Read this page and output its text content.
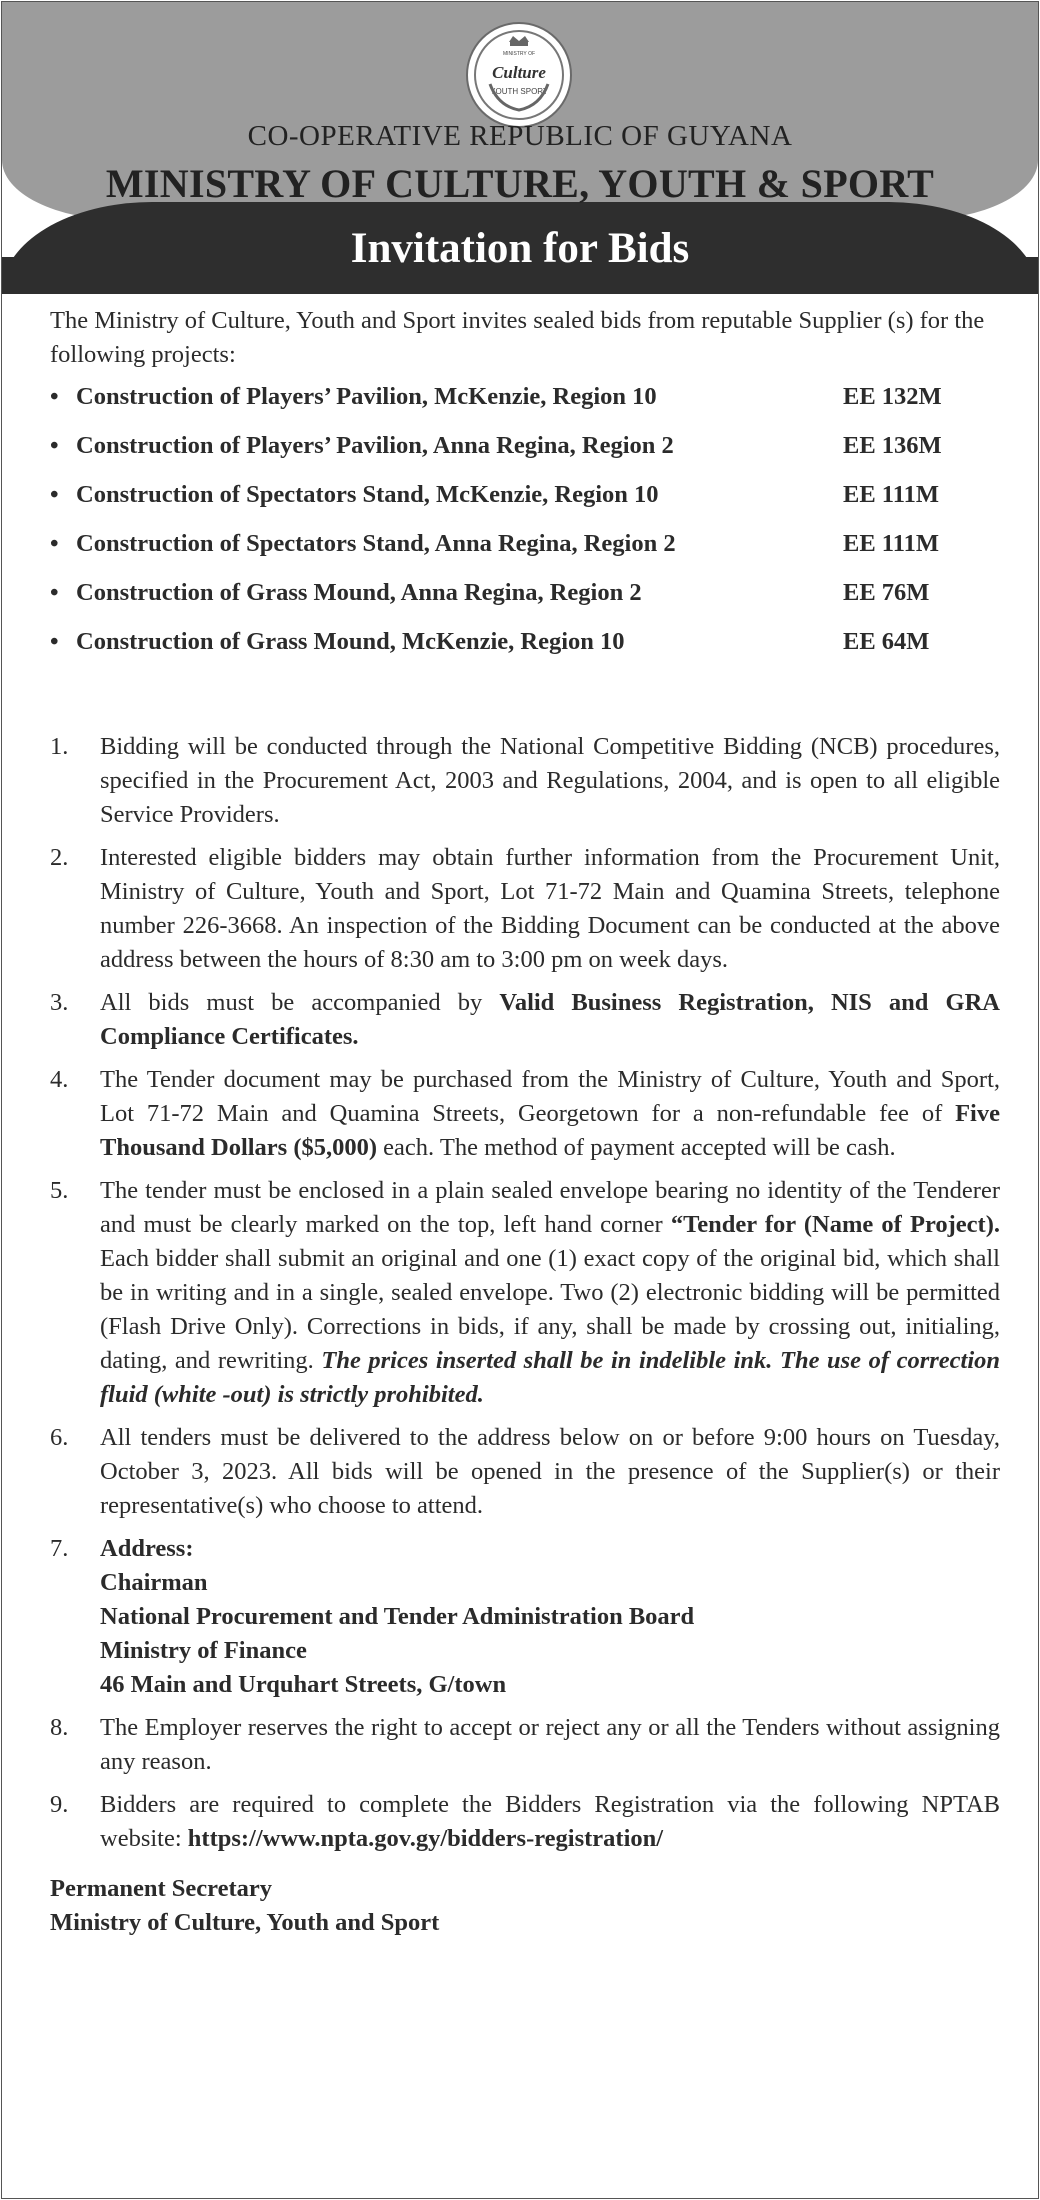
MINISTRY OF
Culture
YOUTH SPORT
CO-OPERATIVE REPUBLIC OF GUYANA
MINISTRY OF CULTURE, YOUTH & SPORT
Invitation for Bids

The Ministry of Culture, Youth and Sport invites sealed bids from reputable Supplier (s) for the following projects:

• Construction of Players’ Pavilion, McKenzie, Region 10	EE 132M
• Construction of Players’ Pavilion, Anna Regina, Region 2	EE 136M
• Construction of Spectators Stand, McKenzie, Region 10	EE 111M
• Construction of Spectators Stand, Anna Regina, Region 2	EE 111M
• Construction of Grass Mound, Anna Regina, Region 2	EE 76M
• Construction of Grass Mound, McKenzie, Region 10	EE 64M
1. Bidding will be conducted through the National Competitive Bidding (NCB) procedures, specified in the Procurement Act, 2003 and Regulations, 2004, and is open to all eligible Service Providers.
2. Interested eligible bidders may obtain further information from the Procurement Unit, Ministry of Culture, Youth and Sport, Lot 71-72 Main and Quamina Streets, telephone number 226-3668. An inspection of the Bidding Document can be conducted at the above address between the hours of 8:30 am to 3:00 pm on week days.
3. All bids must be accompanied by Valid Business Registration, NIS and GRA Compliance Certificates.
4. The Tender document may be purchased from the Ministry of Culture, Youth and Sport, Lot 71-72 Main and Quamina Streets, Georgetown for a non-refundable fee of Five Thousand Dollars ($5,000) each. The method of payment accepted will be cash.
5. The tender must be enclosed in a plain sealed envelope bearing no identity of the Tenderer and must be clearly marked on the top, left hand corner “Tender for (Name of Project). Each bidder shall submit an original and one (1) exact copy of the original bid, which shall be in writing and in a single, sealed envelope. Two (2) electronic bidding will be permitted (Flash Drive Only). Corrections in bids, if any, shall be made by crossing out, initialing, dating, and rewriting. The prices inserted shall be in indelible ink. The use of correction fluid (white -out) is strictly prohibited.
6. All tenders must be delivered to the address below on or before 9:00 hours on Tuesday, October 3, 2023. All bids will be opened in the presence of the Supplier(s) or their representative(s) who choose to attend.
7. Address:
Chairman
National Procurement and Tender Administration Board
Ministry of Finance
46 Main and Urquhart Streets, G/town
8. The Employer reserves the right to accept or reject any or all the Tenders without assigning any reason.
9. Bidders are required to complete the Bidders Registration via the following NPTAB website: https://www.npta.gov.gy/bidders-registration/
Permanent Secretary
Ministry of Culture, Youth and Sport
